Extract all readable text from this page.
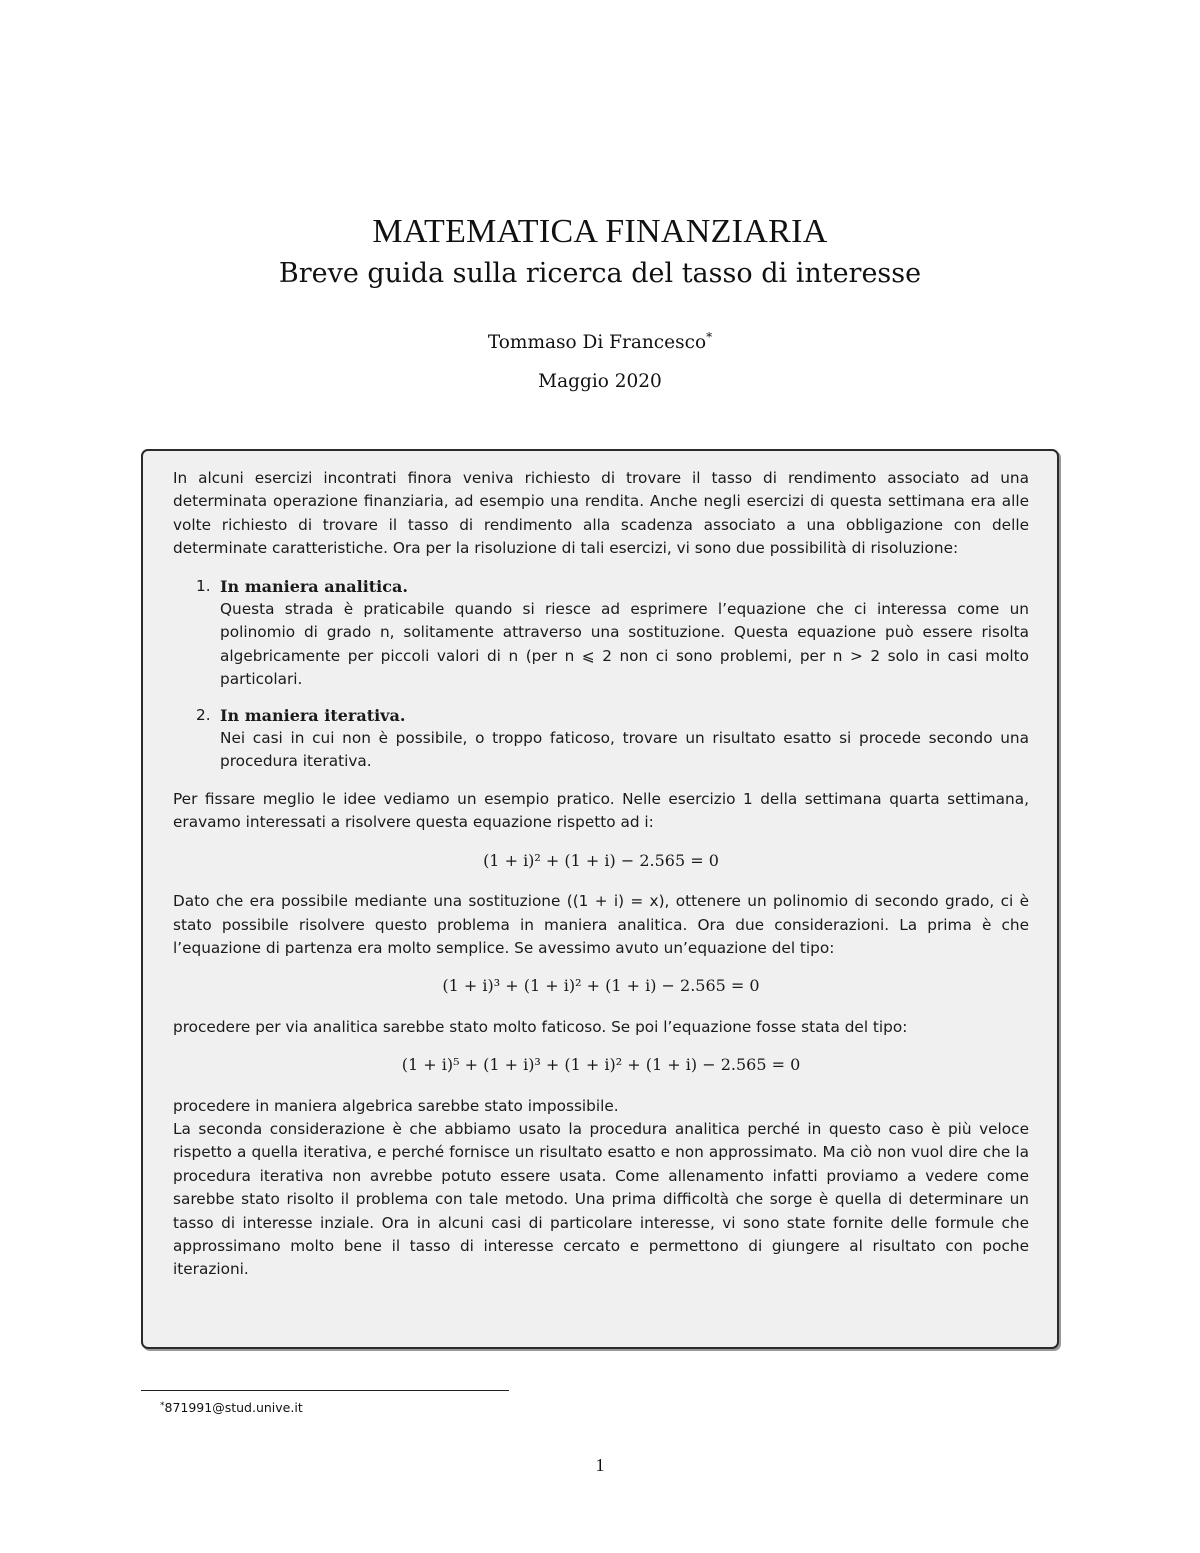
MATEMATICA FINANZIARIA
Breve guida sulla ricerca del tasso di interesse
Tommaso Di Francesco*
Maggio 2020

In alcuni esercizi incontrati finora veniva richiesto di trovare il tasso di rendimento associato ad una determinata operazione finanziaria, ad esempio una rendita. Anche negli esercizi di questa settimana era alle volte richiesto di trovare il tasso di rendimento alla scadenza associato a una obbligazione con delle determinate caratteristiche. Ora per la risoluzione di tali esercizi, vi sono due possibilità di risoluzione:

1. In maniera analitica.
Questa strada è praticabile quando si riesce ad esprimere l’equazione che ci interessa come un polinomio di grado n, solitamente attraverso una sostituzione. Questa equazione può essere risolta algebricamente per piccoli valori di n (per n ⩽ 2 non ci sono problemi, per n > 2 solo in casi molto particolari.
2. In maniera iterativa.
Nei casi in cui non è possibile, o troppo faticoso, trovare un risultato esatto si procede secondo una procedura iterativa.

Per fissare meglio le idee vediamo un esempio pratico. Nelle esercizio 1 della settimana quarta settimana, eravamo interessati a risolvere questa equazione rispetto ad i:

(1 + i)² + (1 + i) − 2.565 = 0

Dato che era possibile mediante una sostituzione ((1 + i) = x), ottenere un polinomio di secondo grado, ci è stato possibile risolvere questo problema in maniera analitica. Ora due considerazioni. La prima è che l’equazione di partenza era molto semplice. Se avessimo avuto un’equazione del tipo:

(1 + i)³ + (1 + i)² + (1 + i) − 2.565 = 0

procedere per via analitica sarebbe stato molto faticoso. Se poi l’equazione fosse stata del tipo:

(1 + i)⁵ + (1 + i)³ + (1 + i)² + (1 + i) − 2.565 = 0

procedere in maniera algebrica sarebbe stato impossibile.

La seconda considerazione è che abbiamo usato la procedura analitica perché in questo caso è più veloce rispetto a quella iterativa, e perché fornisce un risultato esatto e non approssimato. Ma ciò non vuol dire che la procedura iterativa non avrebbe potuto essere usata. Come allenamento infatti proviamo a vedere come sarebbe stato risolto il problema con tale metodo. Una prima difficoltà che sorge è quella di determinare un tasso di interesse inziale. Ora in alcuni casi di particolare interesse, vi sono state fornite delle formule che approssimano molto bene il tasso di interesse cercato e permettono di giungere al risultato con poche iterazioni.

*871991@stud.unive.it
1
